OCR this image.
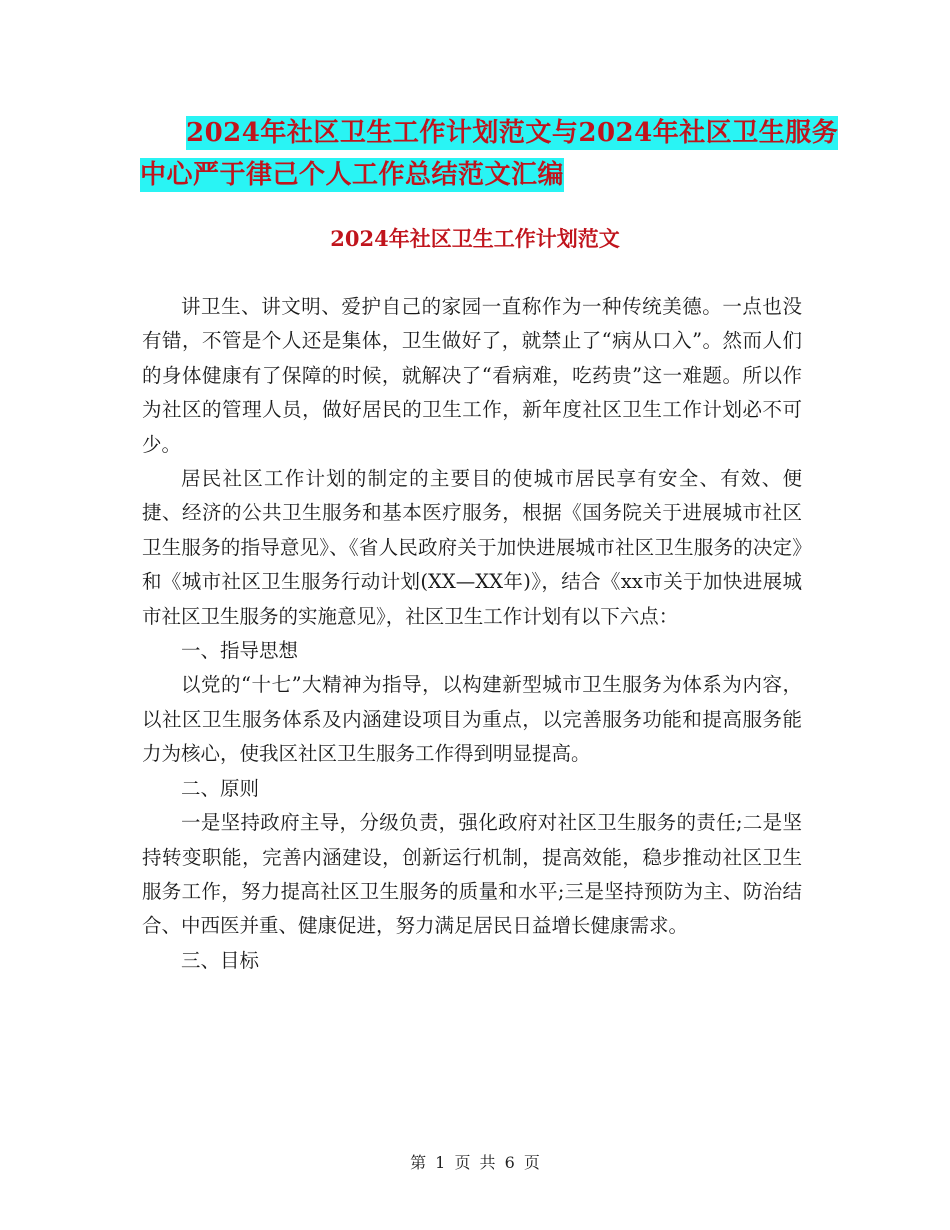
2024年社区卫生工作计划范文与2024年社区卫生服务
中心严于律己个人工作总结范文汇编
2024年社区卫生工作计划范文

讲卫生、讲文明、爱护自己的家园一直称作为一种传统美德。一点也没有错，不管是个人还是集体，卫生做好了，就禁止了“病从口入”。然而人们的身体健康有了保障的时候，就解决了“看病难，吃药贵”这一难题。所以作为社区的管理人员，做好居民的卫生工作，新年度社区卫生工作计划必不可少。

居民社区工作计划的制定的主要目的使城市居民享有安全、有效、便捷、经济的公共卫生服务和基本医疗服务，根据《国务院关于进展城市社区卫生服务的指导意见》、《省人民政府关于加快进展城市社区卫生服务的决定》和《城市社区卫生服务行动计划(XX—XX年)》，结合《xx市关于加快进展城市社区卫生服务的实施意见》，社区卫生工作计划有以下六点：

一、指导思想

以党的“十七”大精神为指导，以构建新型城市卫生服务为体系为内容，以社区卫生服务体系及内涵建设项目为重点，以完善服务功能和提高服务能力为核心，使我区社区卫生服务工作得到明显提高。

二、原则

一是坚持政府主导，分级负责，强化政府对社区卫生服务的责任;二是坚持转变职能，完善内涵建设，创新运行机制，提高效能，稳步推动社区卫生服务工作，努力提高社区卫生服务的质量和水平;三是坚持预防为主、防治结合、中西医并重、健康促进，努力满足居民日益增长健康需求。

三、目标

第 1 页 共 6 页
